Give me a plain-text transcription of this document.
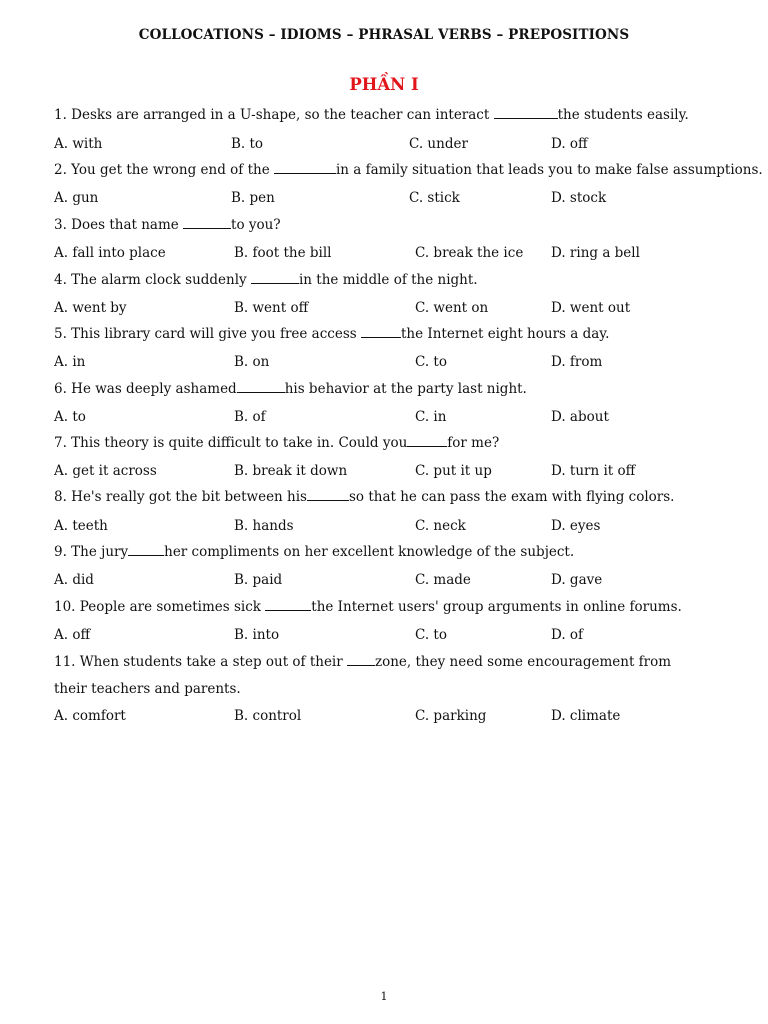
COLLOCATIONS – IDIOMS – PHRASAL VERBS – PREPOSITIONS
PHẦN I
1. Desks are arranged in a U-shape, so the teacher can interact	the students easily.
A. with	B. to	C. under	D. off
2. You get the wrong end of the	in a family situation that leads you to make false assumptions.
A. gun	B. pen	C. stick	D. stock
3. Does that name	to you?
A. fall into place	B. foot the bill	C. break the ice D. ring a bell
4. The alarm clock suddenly	in the middle of the night.
A. went by	B. went off	C. went on	D. went out
5. This library card will give you free access	the Internet eight hours a day.
A. in	B. on	C. to	D. from
6. He was deeply ashamed	his behavior at the party last night.
A. to	B. of	C. in	D. about
7. This theory is quite difficult to take in. Could you	for me?
A. get it across	B. break it down	C. put it up	D. turn it off
8. He's really got the bit between his	so that he can pass the exam with flying colors.
A. teeth	B. hands	C. neck	D. eyes
9. The jury	her compliments on her excellent knowledge of the subject.
A. did	B. paid	C. made	D. gave
10. People are sometimes sick	the Internet users' group arguments in online forums.
A. off	B. into	C. to	D. of
11. When students take a step out of their zone, they need some encouragement from their teachers and parents.
A. comfort	B. control	C. parking	D. climate
1
